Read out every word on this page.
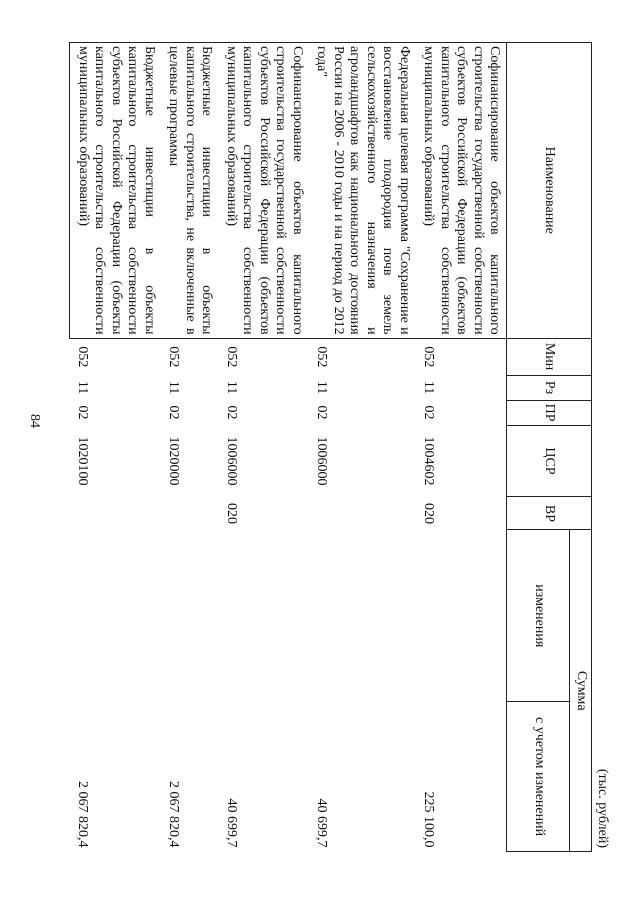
84
(тыс. рублей)
Наименование	Мин	Рз	ПР	ЦСР	ВР	Сумма	
						изменения	с учетом изменений
Софинансирование объектов капитального строительства государственной собственности субъектов Российской Федерации (объектов капитального строительства собственности муниципальных образований)	052	11	02	1004602	020		225 100,0
Федеральная целевая программа "Сохранение и восстановление плодородия почв земель сельскохозяйственного назначения и агроландшафтов как национального достояния России на 2006 - 2010 годы и на период до 2012 года"	052	11	02	1006000			40 699,7
Софинансирование объектов капитального строительства государственной собственности субъектов Российской Федерации (объектов капитального строительства собственности муниципальных образований)	052	11	02	1006000	020		40 699,7
Бюджетные инвестиции в объекты капитального строительства, не включенные в целевые программы	052	11	02	1020000			2 067 820,4
Бюджетные инвестиции в объекты капитального строительства собственности субъектов Российской Федерации (объекты капитального строительства собственности муниципальных образований)	052	11	02	1020100			2 067 820,4
